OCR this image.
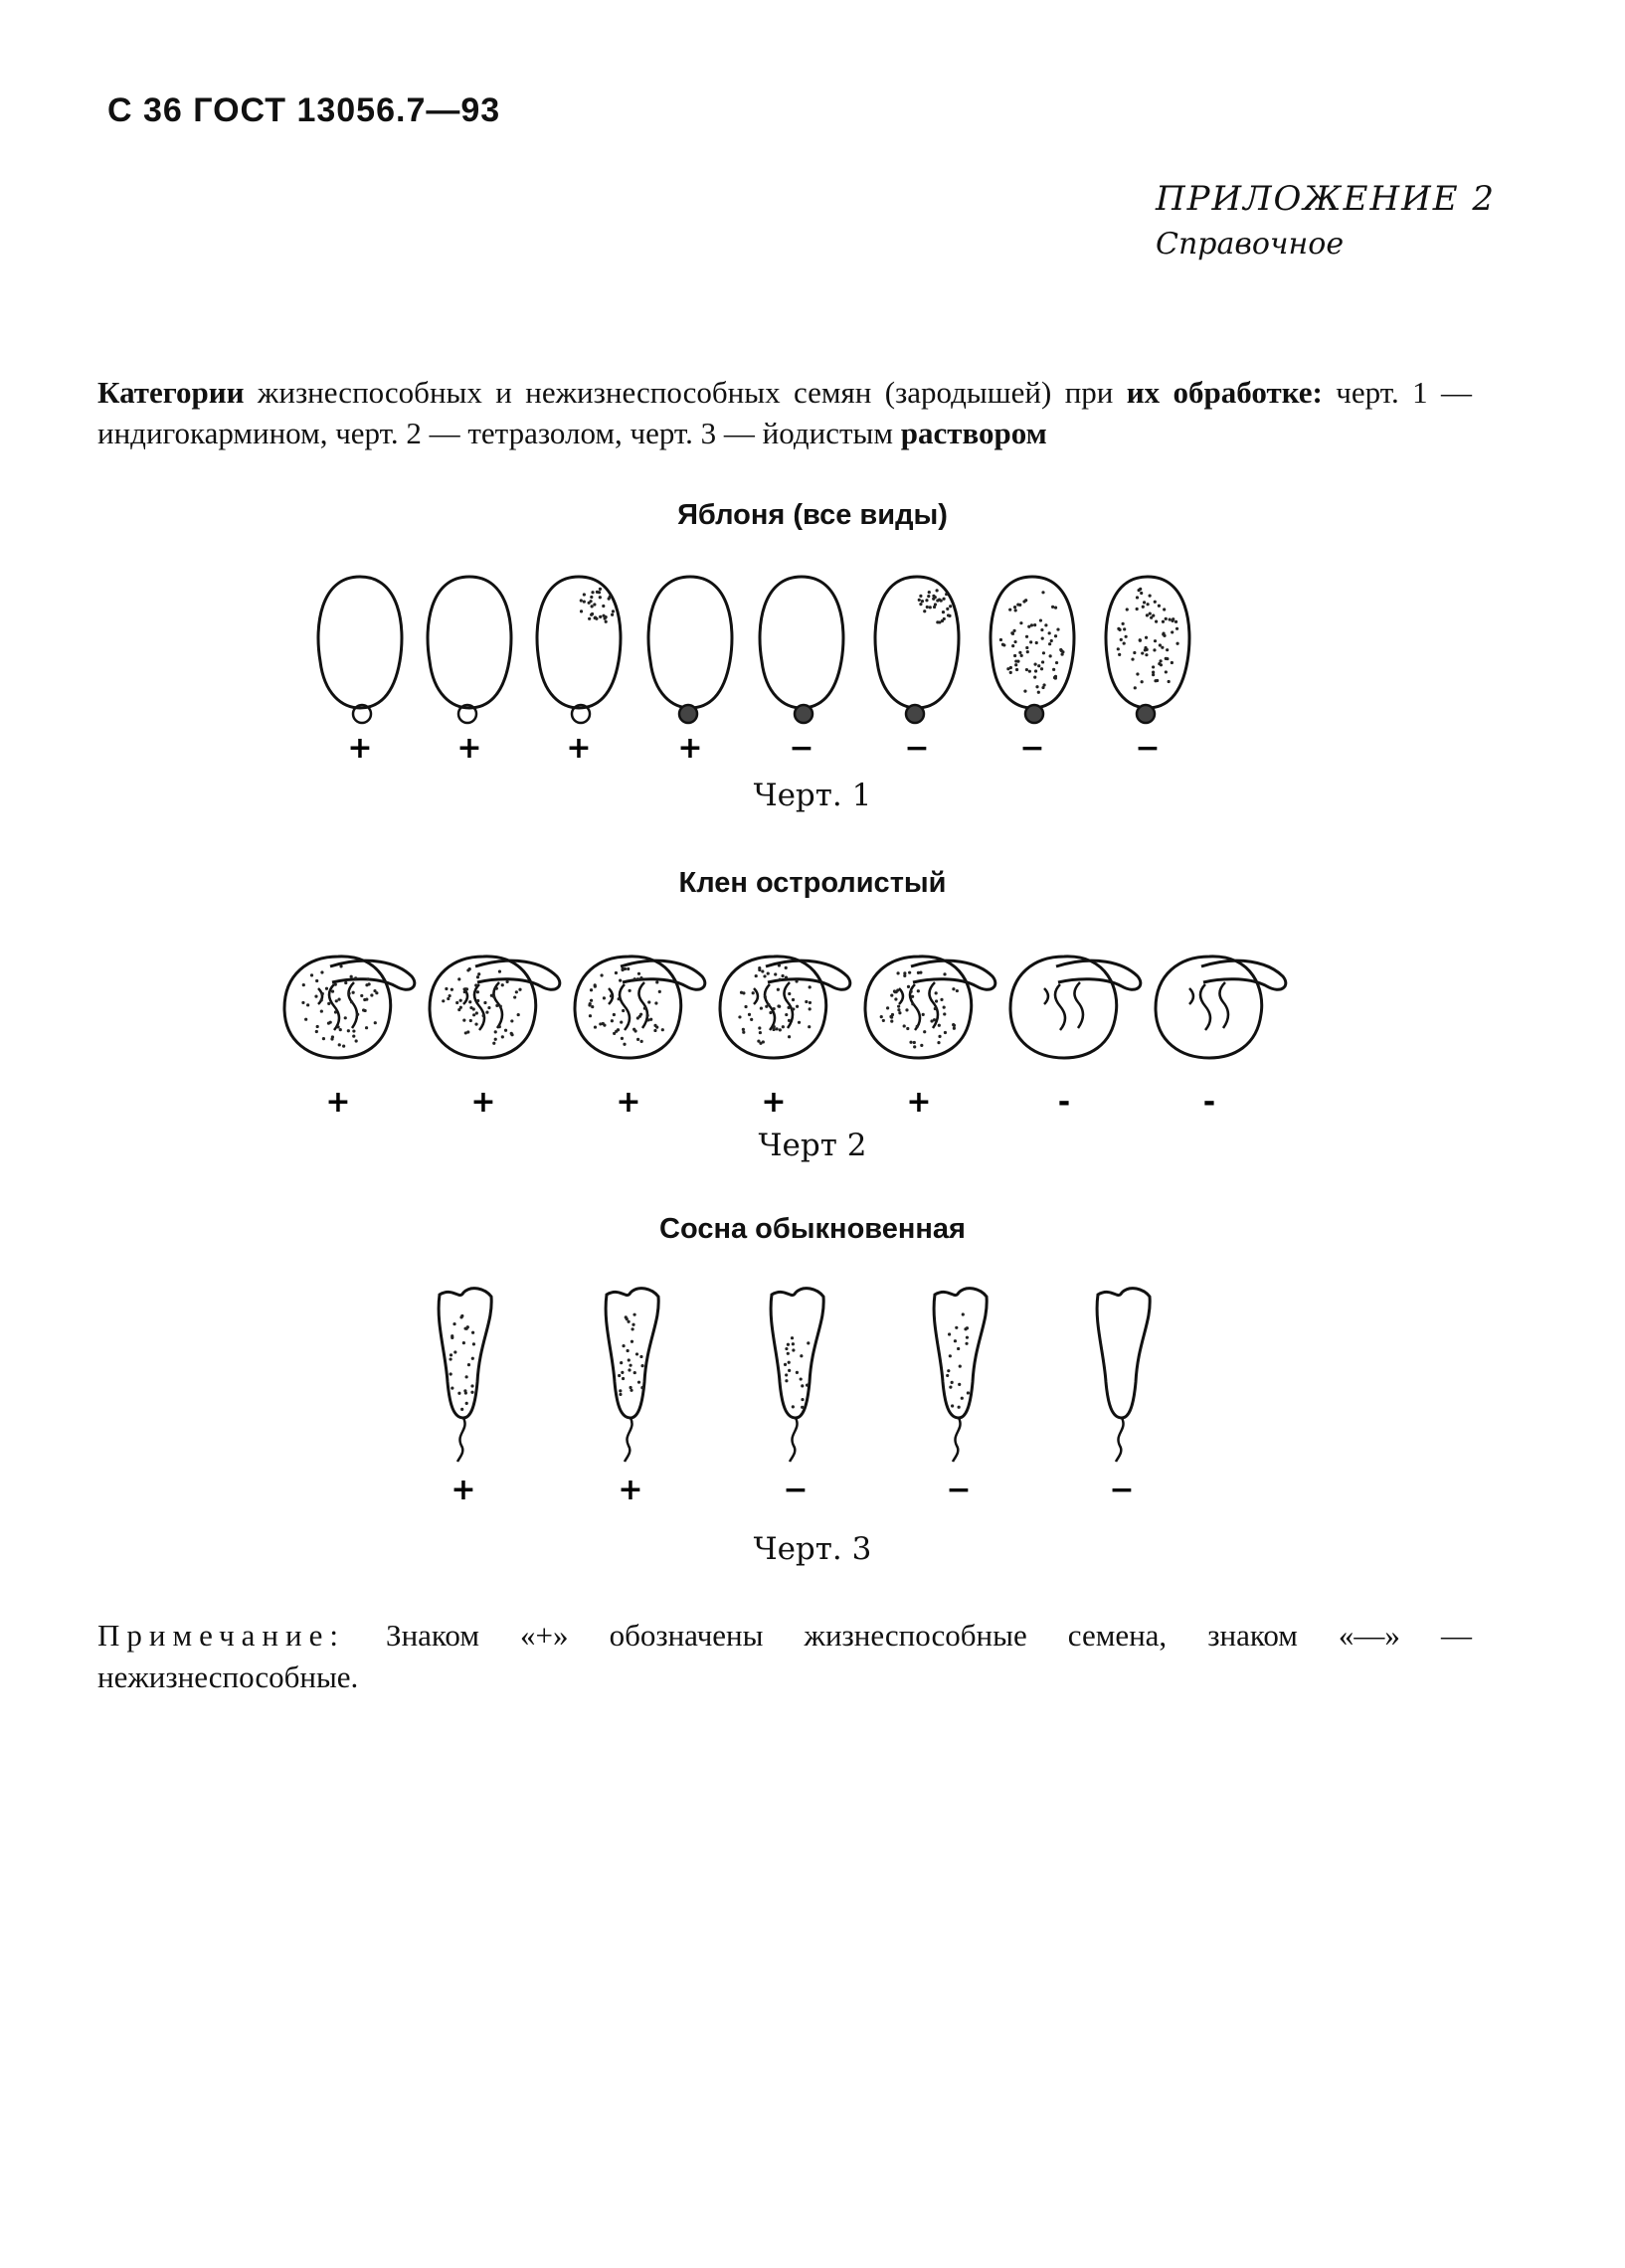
С 36 ГОСТ 13056.7—93
ПРИЛОЖЕНИЕ 2
Справочное
Категории жизнеспособных и нежизнеспособных семян (зародышей) при их обработке: черт. 1 — индигокармином, черт. 2 — тетразолом, черт. 3 — йодистым раствором
Яблоня (все виды)
+	+	+	+	−	−	−	−
Черт. 1
Клен остролистый
+	+	+	+	+	-	-
Черт 2
Сосна обыкновенная
+	+	−	−	−
Черт. 3
Примечание: Знаком «+» обозначены жизнеспособные семена, знаком «—» — нежизнеспособные.
